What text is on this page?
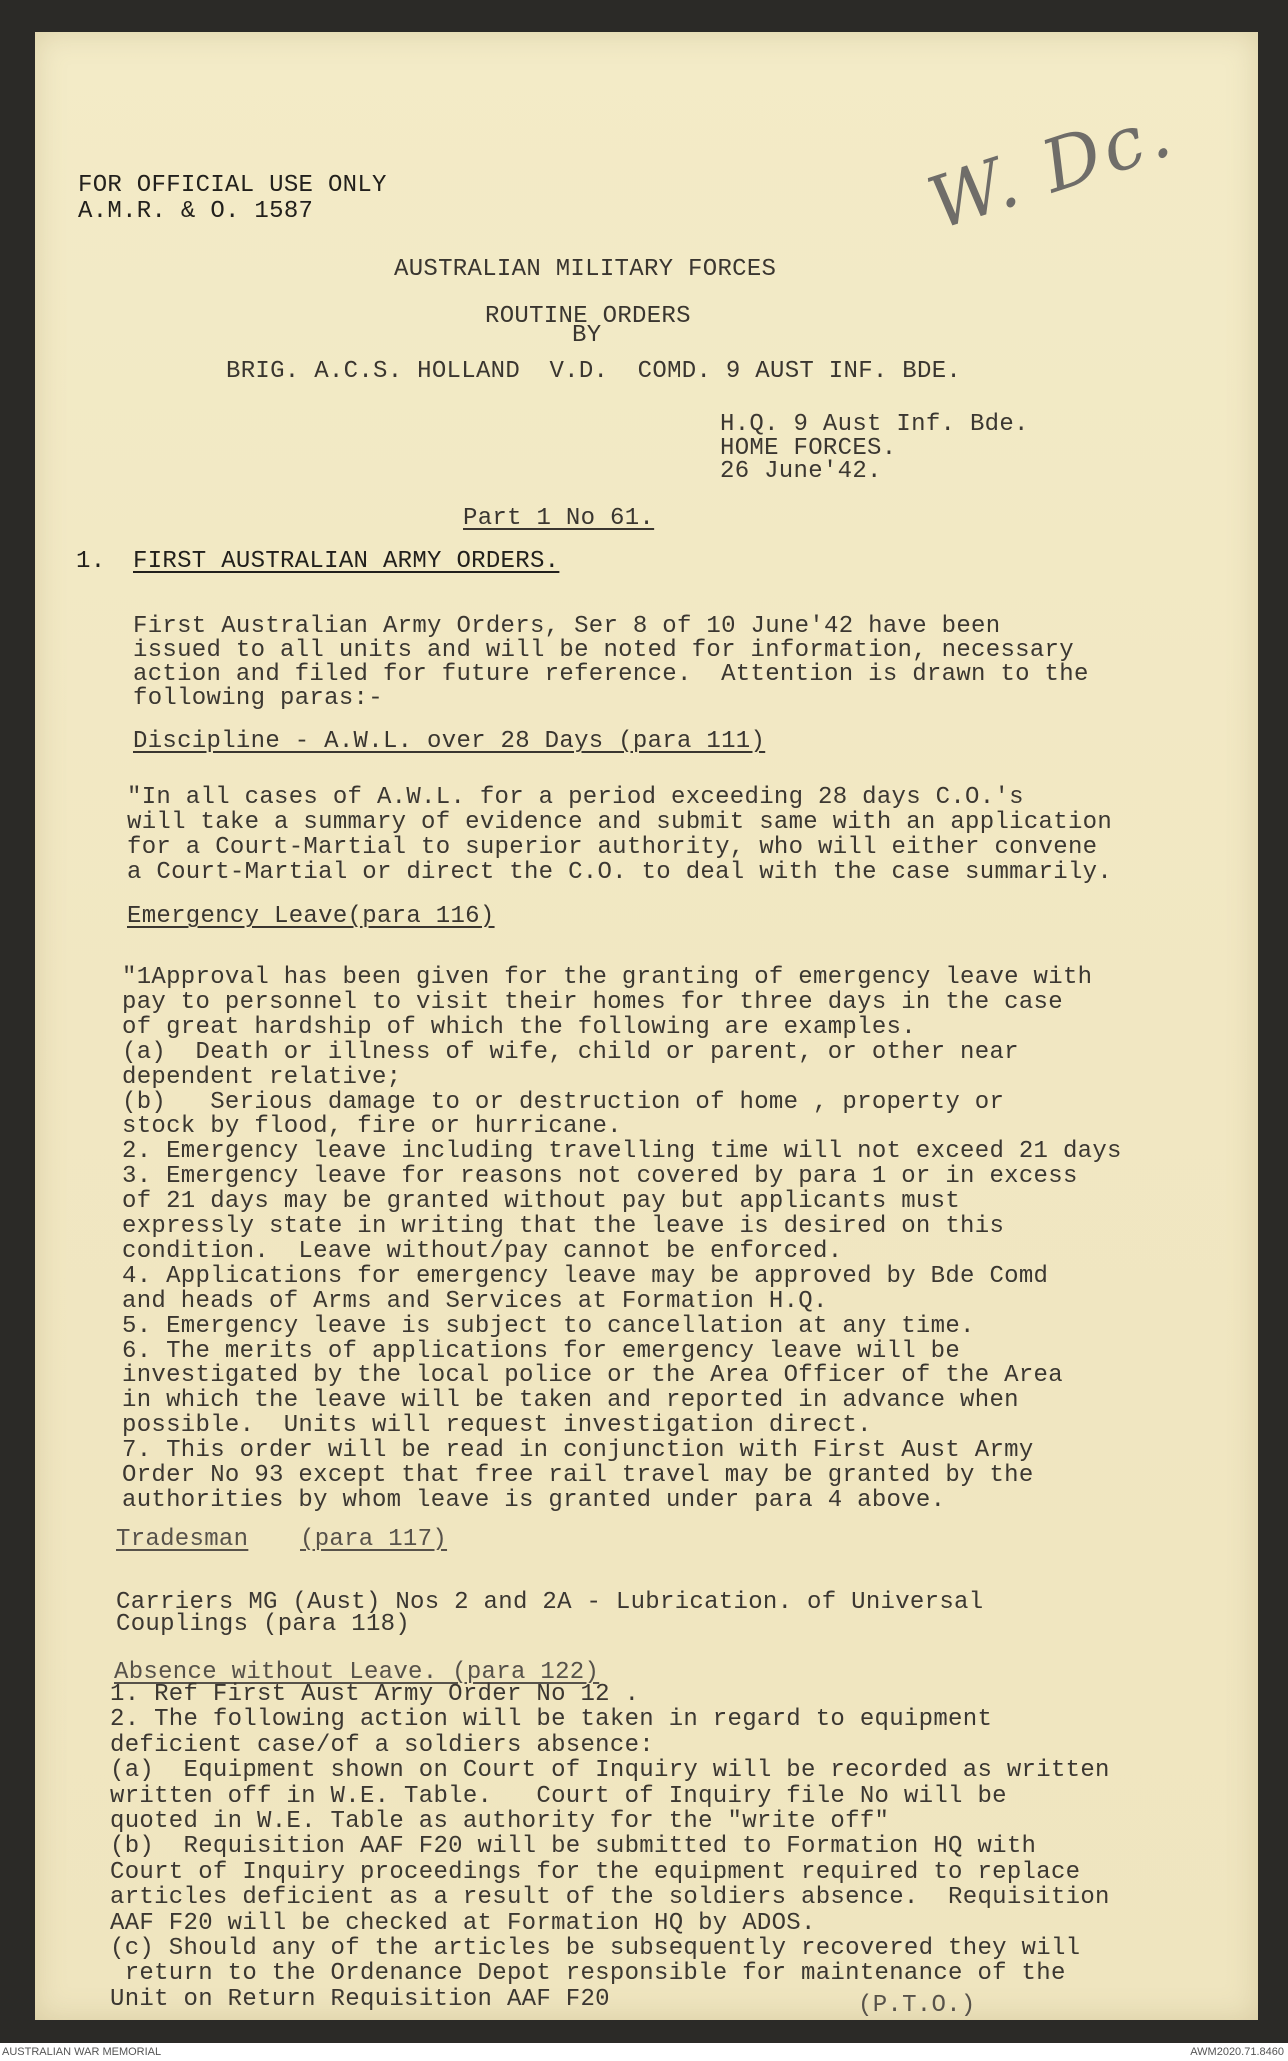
W. Dc.
FOR OFFICIAL USE ONLY
A.M.R. & O. 1587
AUSTRALIAN MILITARY FORCES
ROUTINE ORDERS
BY
BRIG. A.C.S. HOLLAND  V.D.  COMD. 9 AUST INF. BDE.
H.Q. 9 Aust Inf. Bde.
HOME FORCES.
26 June'42.
Part 1 No 61.
1. FIRST AUSTRALIAN ARMY ORDERS.
First Australian Army Orders, Ser 8 of 10 June'42 have been
issued to all units and will be noted for information, necessary
action and filed for future reference.  Attention is drawn to the
following paras:-
Discipline - A.W.L. over 28 Days (para 111)
"In all cases of A.W.L. for a period exceeding 28 days C.O.'s
will take a summary of evidence and submit same with an application
for a Court-Martial to superior authority, who will either convene
a Court-Martial or direct the C.O. to deal with the case summarily.
Emergency Leave(para 116)
"1Approval has been given for the granting of emergency leave with
pay to personnel to visit their homes for three days in the case
of great hardship of which the following are examples.
(a)  Death or illness of wife, child or parent, or other near
dependent relative;
(b)   Serious damage to or destruction of home , property or
stock by flood, fire or hurricane.
2. Emergency leave including travelling time will not exceed 21 days
3. Emergency leave for reasons not covered by para 1 or in excess
of 21 days may be granted without pay but applicants must
expressly state in writing that the leave is desired on this
condition.  Leave without/pay cannot be enforced.
4. Applications for emergency leave may be approved by Bde Comd
and heads of Arms and Services at Formation H.Q.
5. Emergency leave is subject to cancellation at any time.
6. The merits of applications for emergency leave will be
investigated by the local police or the Area Officer of the Area
in which the leave will be taken and reported in advance when
possible.  Units will request investigation direct.
7. This order will be read in conjunction with First Aust Army
Order No 93 except that free rail travel may be granted by the
authorities by whom leave is granted under para 4 above.
Tradesman (para 117)
Carriers MG (Aust) Nos 2 and 2A - Lubrication. of Universal
Couplings (para 118)
Absence without Leave. (para 122)
1. Ref First Aust Army Order No 12 .
2. The following action will be taken in regard to equipment
deficient case/of a soldiers absence:
(a)  Equipment shown on Court of Inquiry will be recorded as written
written off in W.E. Table.   Court of Inquiry file No will be
quoted in W.E. Table as authority for the "write off"
(b)  Requisition AAF F20 will be submitted to Formation HQ with
Court of Inquiry proceedings for the equipment required to replace
articles deficient as a result of the soldiers absence.  Requisition
AAF F20 will be checked at Formation HQ by ADOS.
(c) Should any of the articles be subsequently recovered they will
return to the Ordenance Depot responsible for maintenance of the
Unit on Return Requisition AAF F20	(P.T.O.)
AUSTRALIAN WAR MEMORIAL	AWM2020.71.8460
